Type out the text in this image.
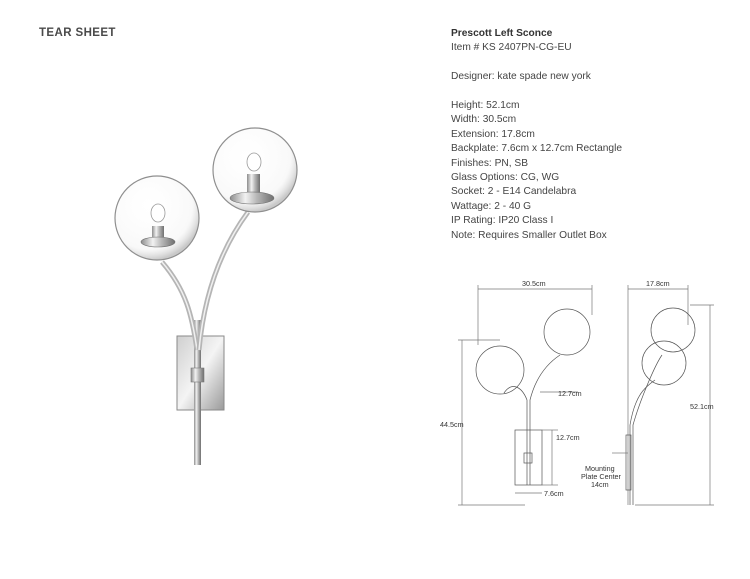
TEAR SHEET	Prescott Left Sconce
Item # KS 2407PN-CG-EU
Designer: kate spade new york
Height: 52.1cm
Width: 30.5cm
Extension: 17.8cm
Backplate: 7.6cm x 12.7cm Rectangle
Finishes: PN, SB
Glass Options: CG, WG
Socket: 2 - E14 Candelabra
Wattage: 2 - 40 G
IP Rating: IP20 Class I
Note: Requires Smaller Outlet Box
30.5cm
44.5cm
12.7cm
12.7cm
7.6cm
17.8cm
52.1cm
Mounting
Plate Center
14cm
